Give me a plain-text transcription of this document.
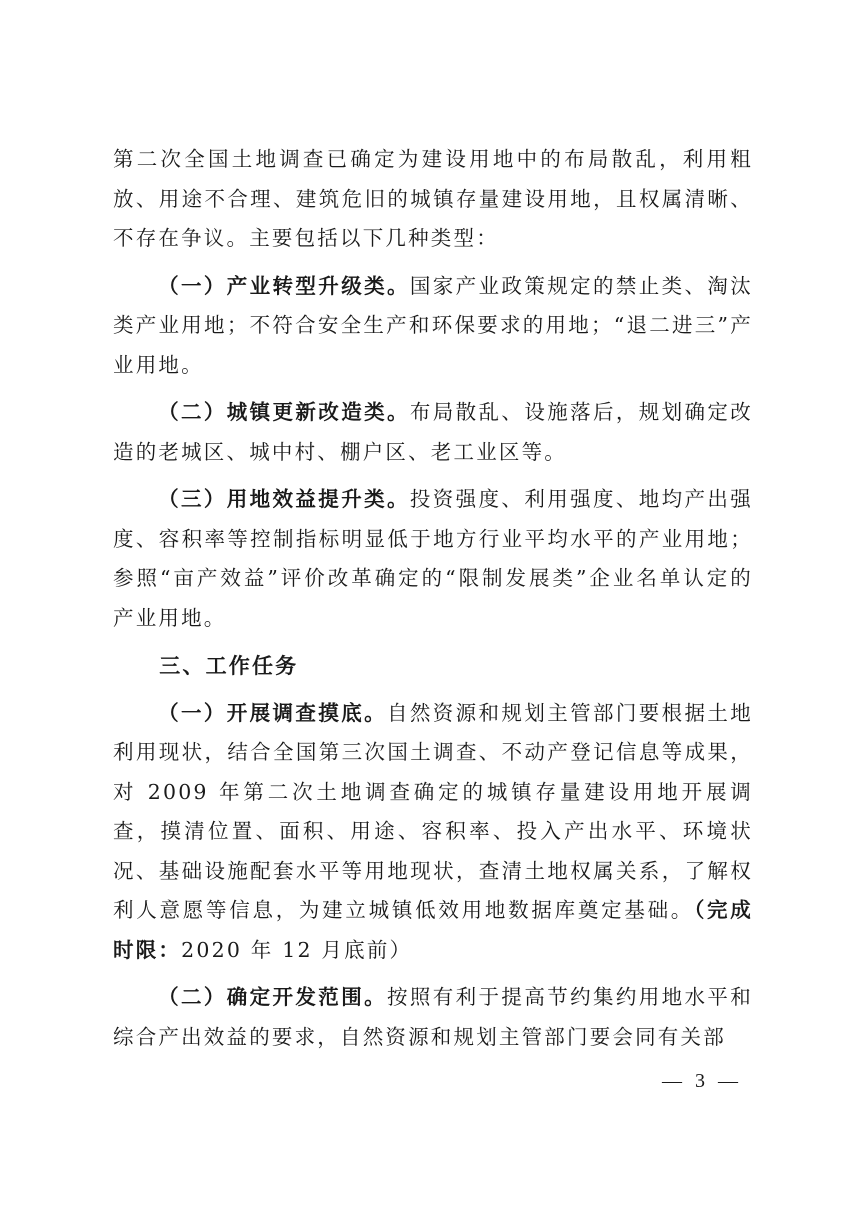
第二次全国土地调查已确定为建设用地中的布局散乱，利用粗放、用途不合理、建筑危旧的城镇存量建设用地，且权属清晰、不存在争议。主要包括以下几种类型：

（一）产业转型升级类。国家产业政策规定的禁止类、淘汰类产业用地；不符合安全生产和环保要求的用地；“退二进三”产业用地。

（二）城镇更新改造类。布局散乱、设施落后，规划确定改造的老城区、城中村、棚户区、老工业区等。

（三）用地效益提升类。投资强度、利用强度、地均产出强度、容积率等控制指标明显低于地方行业平均水平的产业用地；参照“亩产效益”评价改革确定的“限制发展类”企业名单认定的产业用地。

三、工作任务

（一）开展调查摸底。自然资源和规划主管部门要根据土地利用现状，结合全国第三次国土调查、不动产登记信息等成果，对 2009 年第二次土地调查确定的城镇存量建设用地开展调查，摸清位置、面积、用途、容积率、投入产出水平、环境状况、基础设施配套水平等用地现状，查清土地权属关系，了解权利人意愿等信息，为建立城镇低效用地数据库奠定基础。（完成时限：2020 年 12 月底前）

（二）确定开发范围。按照有利于提高节约集约用地水平和综合产出效益的要求，自然资源和规划主管部门要会同有关部

— 3 —
